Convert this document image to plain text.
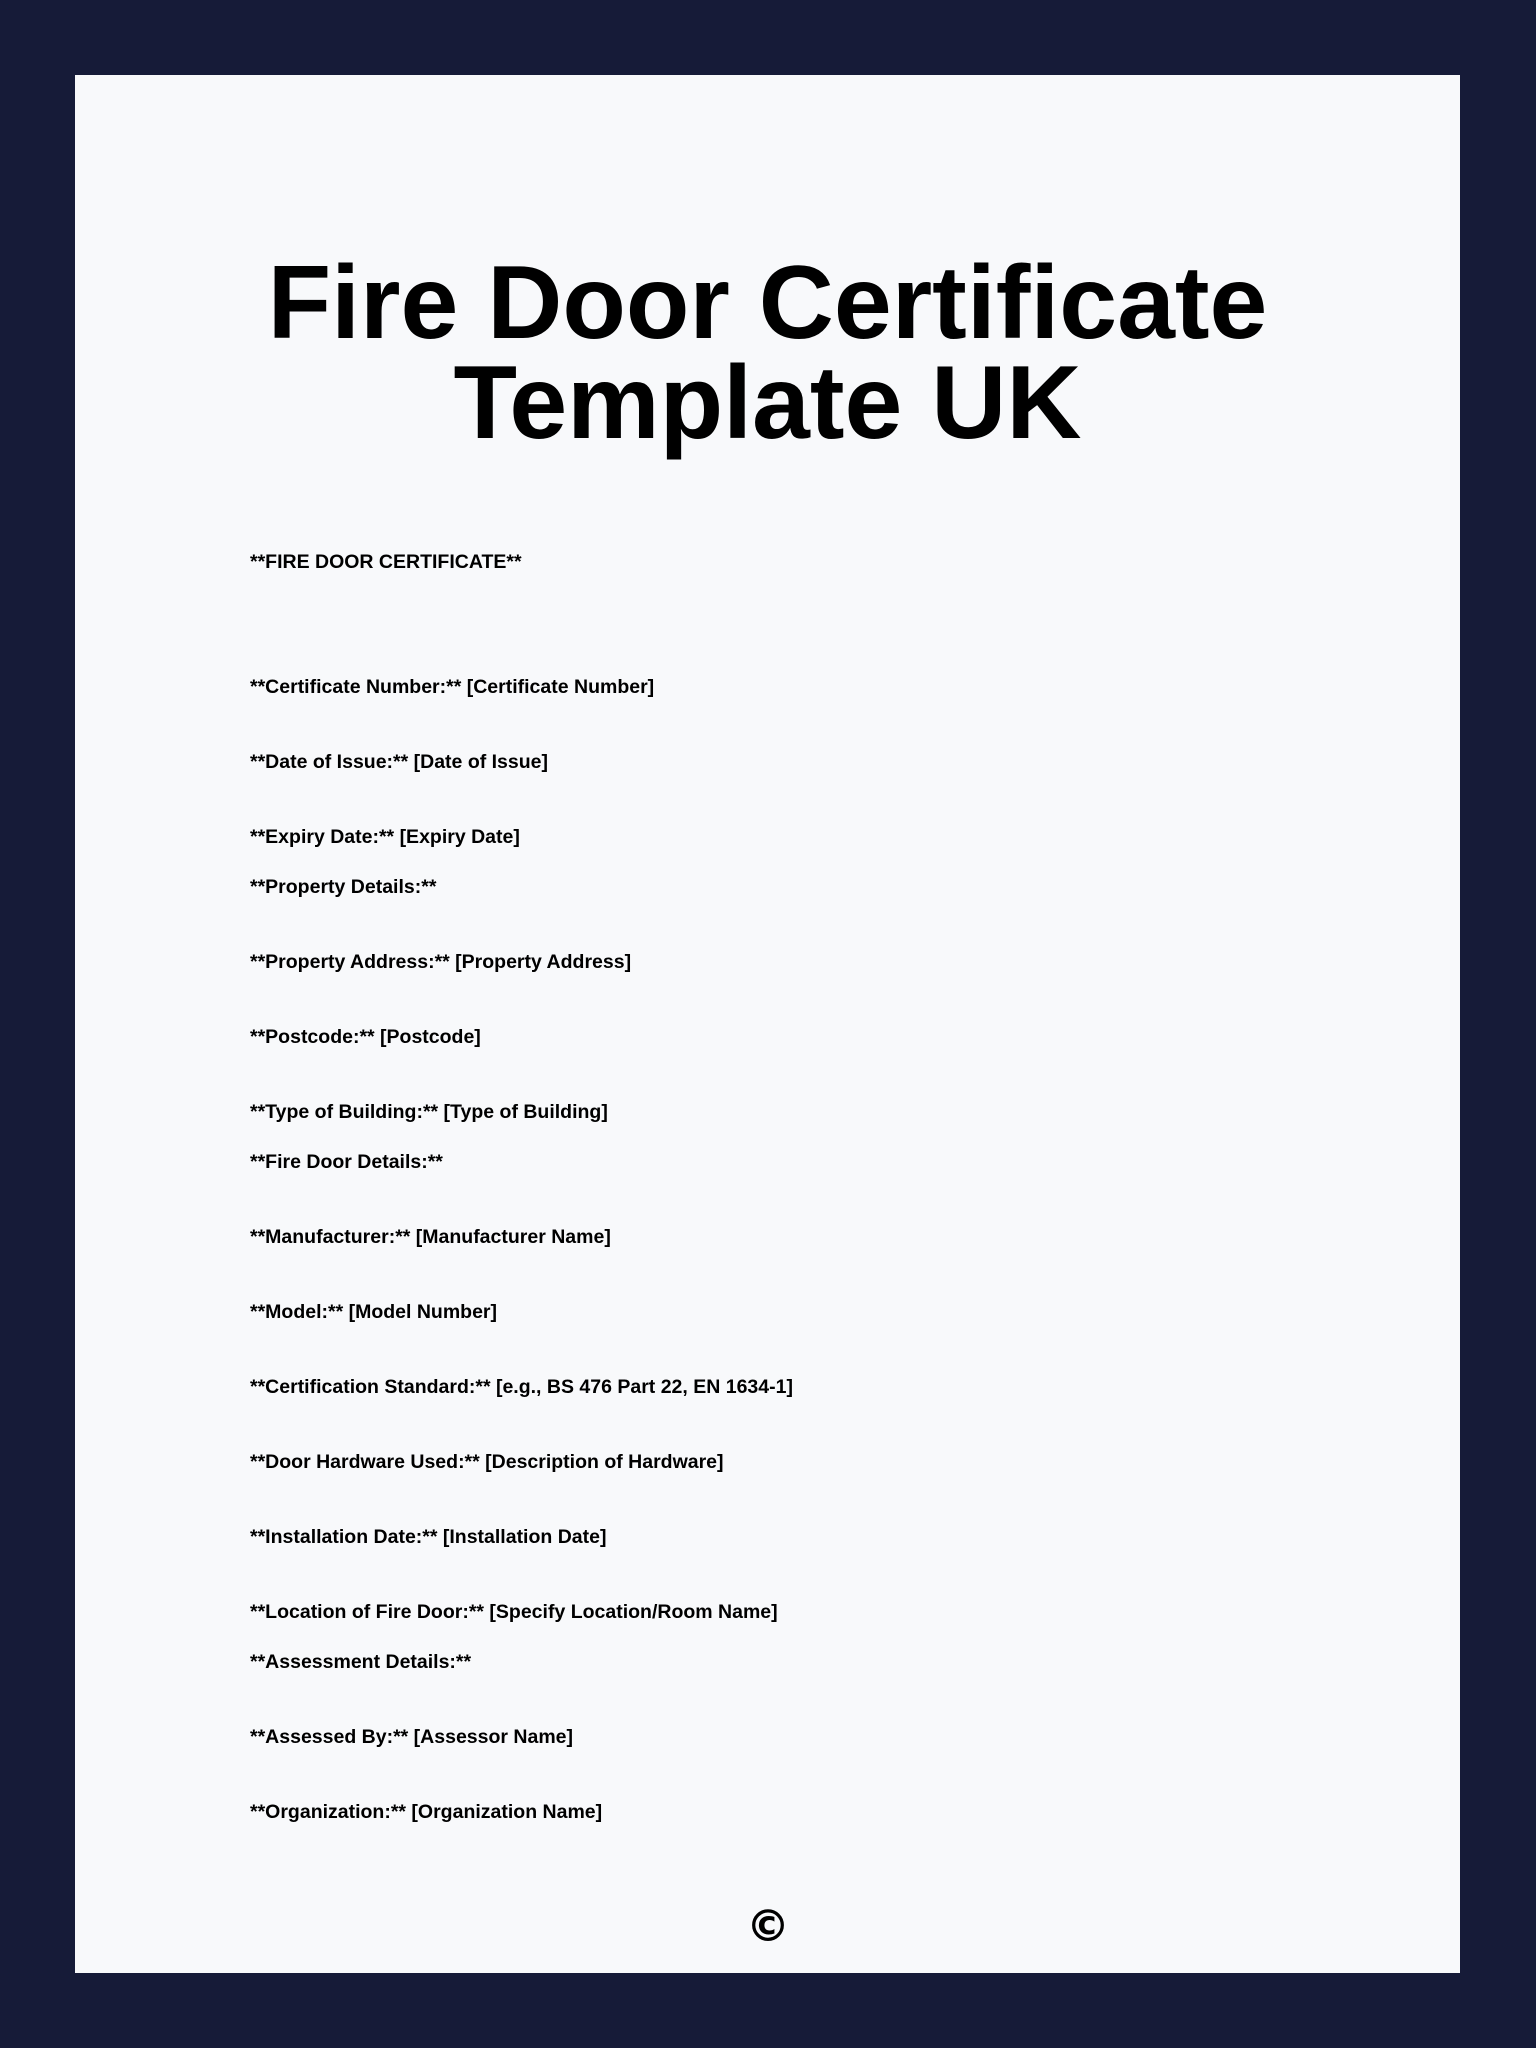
Fire Door Certificate
Template UK

**FIRE DOOR CERTIFICATE**

**Certificate Number:** [Certificate Number]

**Date of Issue:** [Date of Issue]

**Expiry Date:** [Expiry Date]

**Property Details:**

**Property Address:** [Property Address]

**Postcode:** [Postcode]

**Type of Building:** [Type of Building]

**Fire Door Details:**

**Manufacturer:** [Manufacturer Name]

**Model:** [Model Number]

**Certification Standard:** [e.g., BS 476 Part 22, EN 1634-1]

**Door Hardware Used:** [Description of Hardware]

**Installation Date:** [Installation Date]

**Location of Fire Door:** [Specify Location/Room Name]

**Assessment Details:**

**Assessed By:** [Assessor Name]

**Organization:** [Organization Name]

©
